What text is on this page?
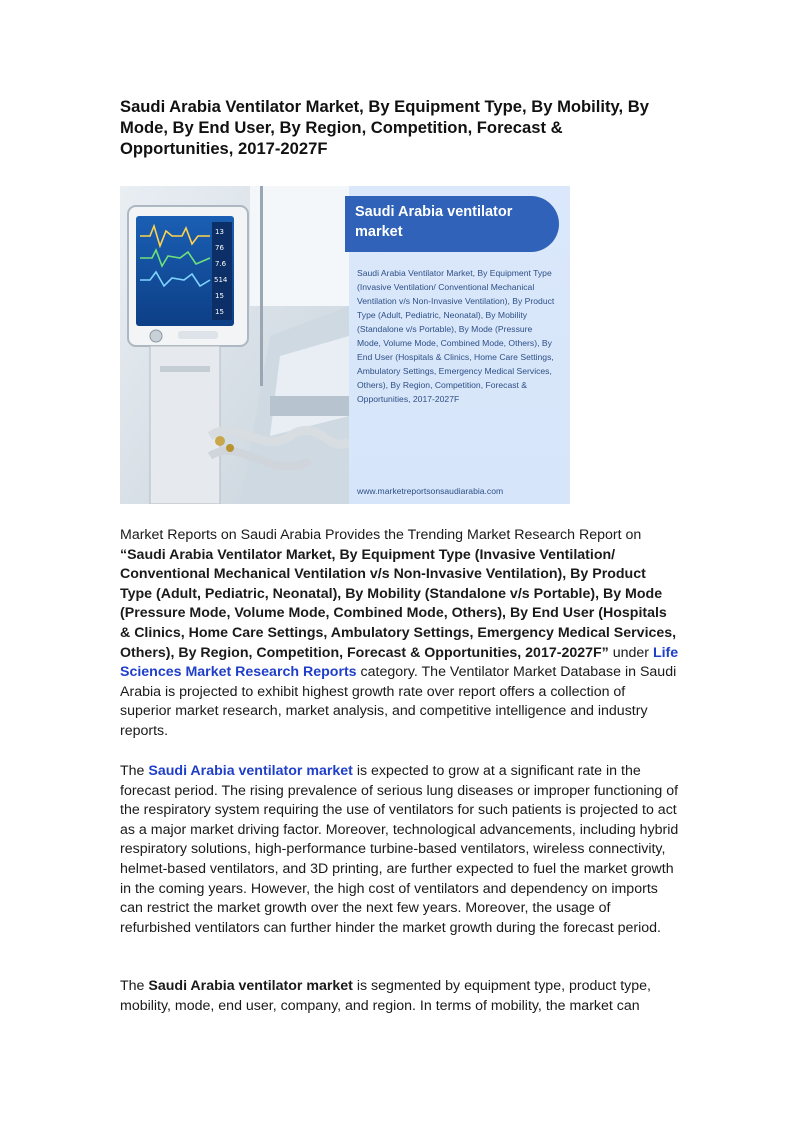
Saudi Arabia Ventilator Market, By Equipment Type, By Mobility, By Mode, By End User, By Region, Competition, Forecast & Opportunities, 2017-2027F
13
76
7.6
514
15
15
Saudi Arabia ventilator market
Saudi Arabia Ventilator Market, By Equipment Type (Invasive Ventilation/ Conventional Mechanical Ventilation v/s Non-Invasive Ventilation), By Product Type (Adult, Pediatric, Neonatal), By Mobility (Standalone v/s Portable), By Mode (Pressure Mode, Volume Mode, Combined Mode, Others), By End User (Hospitals & Clinics, Home Care Settings, Ambulatory Settings, Emergency Medical Services, Others), By Region, Competition, Forecast & Opportunities, 2017-2027F
www.marketreportsonsaudiarabia.com
Market Reports on Saudi Arabia Provides the Trending Market Research Report on “Saudi Arabia Ventilator Market, By Equipment Type (Invasive Ventilation/ Conventional Mechanical Ventilation v/s Non-Invasive Ventilation), By Product Type (Adult, Pediatric, Neonatal), By Mobility (Standalone v/s Portable), By Mode (Pressure Mode, Volume Mode, Combined Mode, Others), By End User (Hospitals & Clinics, Home Care Settings, Ambulatory Settings, Emergency Medical Services, Others), By Region, Competition, Forecast & Opportunities, 2017-2027F” under Life Sciences Market Research Reports category. The Ventilator Market Database in Saudi Arabia is projected to exhibit highest growth rate over report offers a collection of superior market research, market analysis, and competitive intelligence and industry reports.
The Saudi Arabia ventilator market is expected to grow at a significant rate in the forecast period. The rising prevalence of serious lung diseases or improper functioning of the respiratory system requiring the use of ventilators for such patients is projected to act as a major market driving factor. Moreover, technological advancements, including hybrid respiratory solutions, high-performance turbine-based ventilators, wireless connectivity, helmet-based ventilators, and 3D printing, are further expected to fuel the market growth in the coming years. However, the high cost of ventilators and dependency on imports can restrict the market growth over the next few years. Moreover, the usage of refurbished ventilators can further hinder the market growth during the forecast period.
The Saudi Arabia ventilator market is segmented by equipment type, product type, mobility, mode, end user, company, and region. In terms of mobility, the market can
